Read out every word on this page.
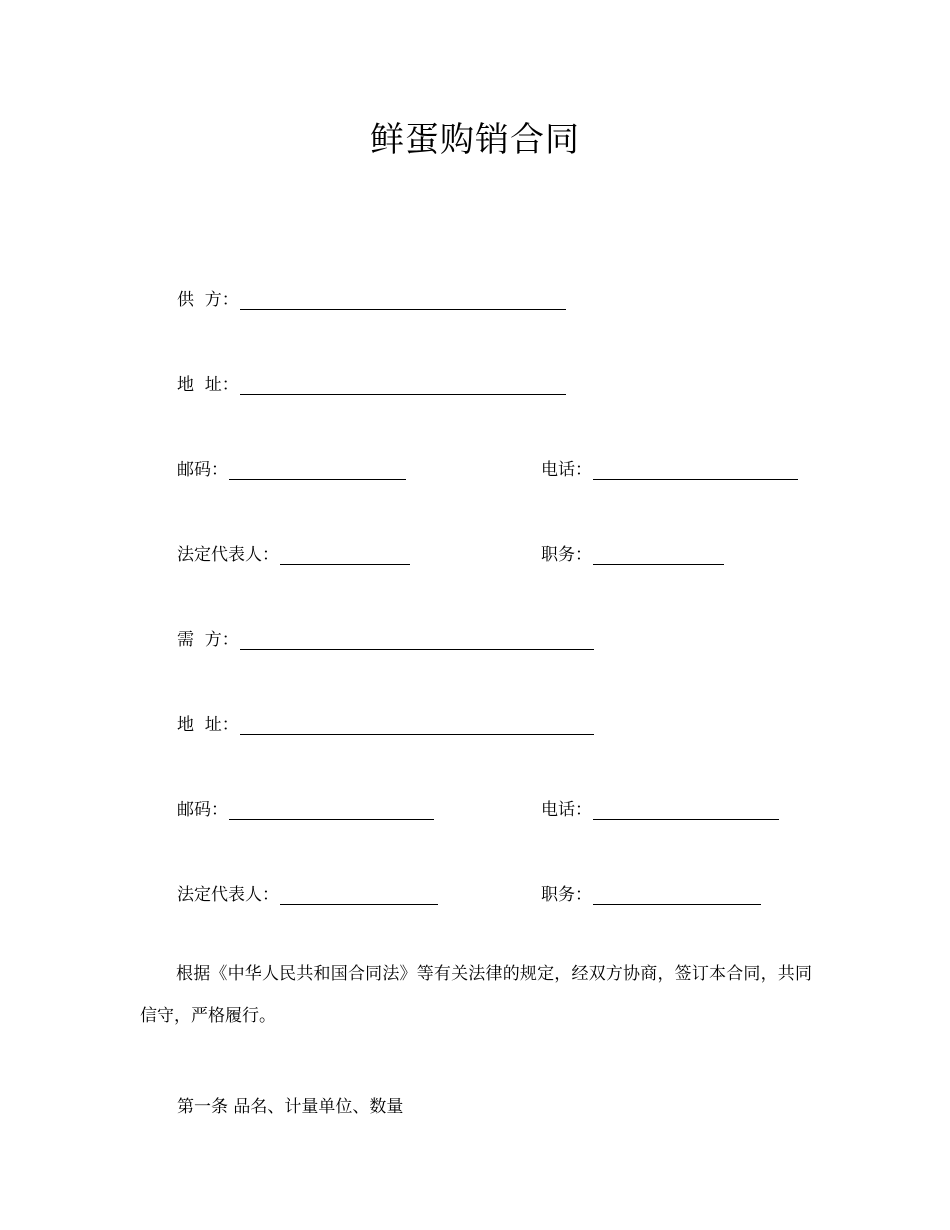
鲜蛋购销合同
供  方：
地  址：
邮码：	电话：
法定代表人：	职务：
需  方：
地  址：
邮码：	电话：
法定代表人：	职务：
根据《中华人民共和国合同法》等有关法律的规定，经双方协商，签订本合同，共同信守，严格履行。
第一条 品名、计量单位、数量
